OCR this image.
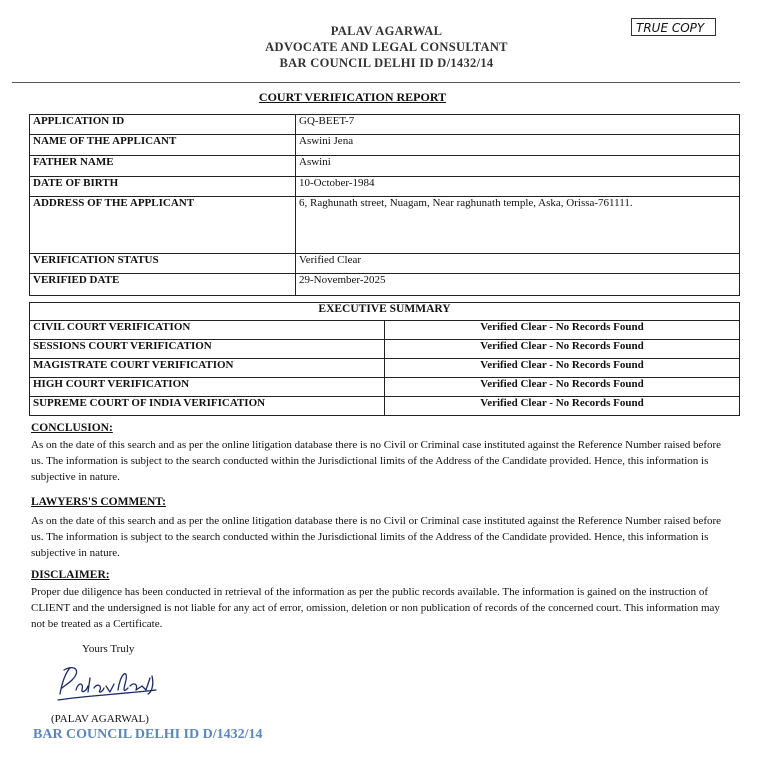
PALAV AGARWAL
ADVOCATE AND LEGAL CONSULTANT
BAR COUNCIL DELHI ID D/1432/14
TRUE COPY
COURT VERIFICATION REPORT
APPLICATION ID	GQ-BEET-7
NAME OF THE APPLICANT	Aswini Jena
FATHER NAME	Aswini
DATE OF BIRTH	10-October-1984
ADDRESS OF THE APPLICANT	6, Raghunath street, Nuagam, Near raghunath temple, Aska, Orissa-761111.
VERIFICATION STATUS	Verified Clear
VERIFIED DATE	29-November-2025
EXECUTIVE SUMMARY	
CIVIL COURT VERIFICATION	Verified Clear - No Records Found
SESSIONS COURT VERIFICATION	Verified Clear - No Records Found
MAGISTRATE COURT VERIFICATION	Verified Clear - No Records Found
HIGH COURT VERIFICATION	Verified Clear - No Records Found
SUPREME COURT OF INDIA VERIFICATION	Verified Clear - No Records Found
CONCLUSION:
As on the date of this search and as per the online litigation database there is no Civil or Criminal case instituted against the Reference Number raised before us. The information is subject to the search conducted within the Jurisdictional limits of the Address of the Candidate provided. Hence, this information is subjective in nature.
LAWYERS'S COMMENT:
As on the date of this search and as per the online litigation database there is no Civil or Criminal case instituted against the Reference Number raised before us. The information is subject to the search conducted within the Jurisdictional limits of the Address of the Candidate provided. Hence, this information is subjective in nature.
DISCLAIMER:
Proper due diligence has been conducted in retrieval of the information as per the public records available. The information is gained on the instruction of CLIENT and the undersigned is not liable for any act of error, omission, deletion or non publication of records of the concerned court. This information may not be treated as a Certificate.
Yours Truly
(PALAV AGARWAL)
BAR COUNCIL DELHI ID D/1432/14
